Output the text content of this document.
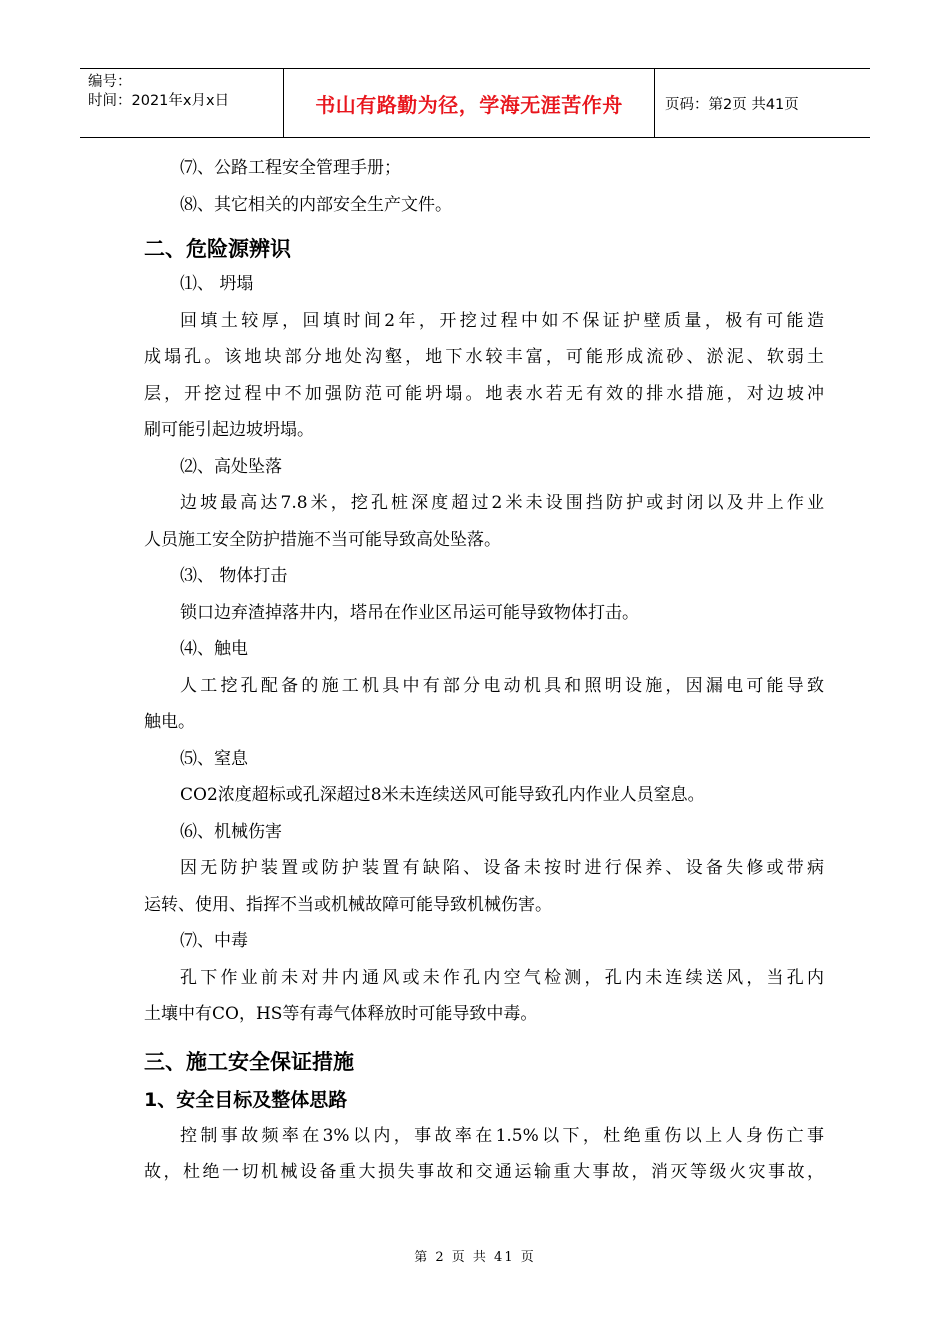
编号：
时间：2021年x月x日	书山有路勤为径，学海无涯苦作舟	页码：第2页 共41页

⑺、公路工程安全管理手册；

⑻、其它相关的内部安全生产文件。

二、危险源辨识

⑴、 坍塌

回填土较厚，回填时间2年，开挖过程中如不保证护壁质量，极有可能造

成塌孔。该地块部分地处沟壑，地下水较丰富，可能形成流砂、淤泥、软弱土

层，开挖过程中不加强防范可能坍塌。地表水若无有效的排水措施，对边坡冲

刷可能引起边坡坍塌。

⑵、高处坠落

边坡最高达7.8米，挖孔桩深度超过2米未设围挡防护或封闭以及井上作业

人员施工安全防护措施不当可能导致高处坠落。

⑶、 物体打击

锁口边弃渣掉落井内，塔吊在作业区吊运可能导致物体打击。

⑷、触电

人工挖孔配备的施工机具中有部分电动机具和照明设施，因漏电可能导致

触电。

⑸、窒息

CO2浓度超标或孔深超过8米未连续送风可能导致孔内作业人员窒息。

⑹、机械伤害

因无防护装置或防护装置有缺陷、设备未按时进行保养、设备失修或带病

运转、使用、指挥不当或机械故障可能导致机械伤害。

⑺、中毒

孔下作业前未对井内通风或未作孔内空气检测，孔内未连续送风，当孔内

土壤中有CO，HS等有毒气体释放时可能导致中毒。

三、施工安全保证措施
1、安全目标及整体思路

控制事故频率在3%以内，事故率在1.5%以下，杜绝重伤以上人身伤亡事

故，杜绝一切机械设备重大损失事故和交通运输重大事故，消灭等级火灾事故，

第 2 页 共 41 页
